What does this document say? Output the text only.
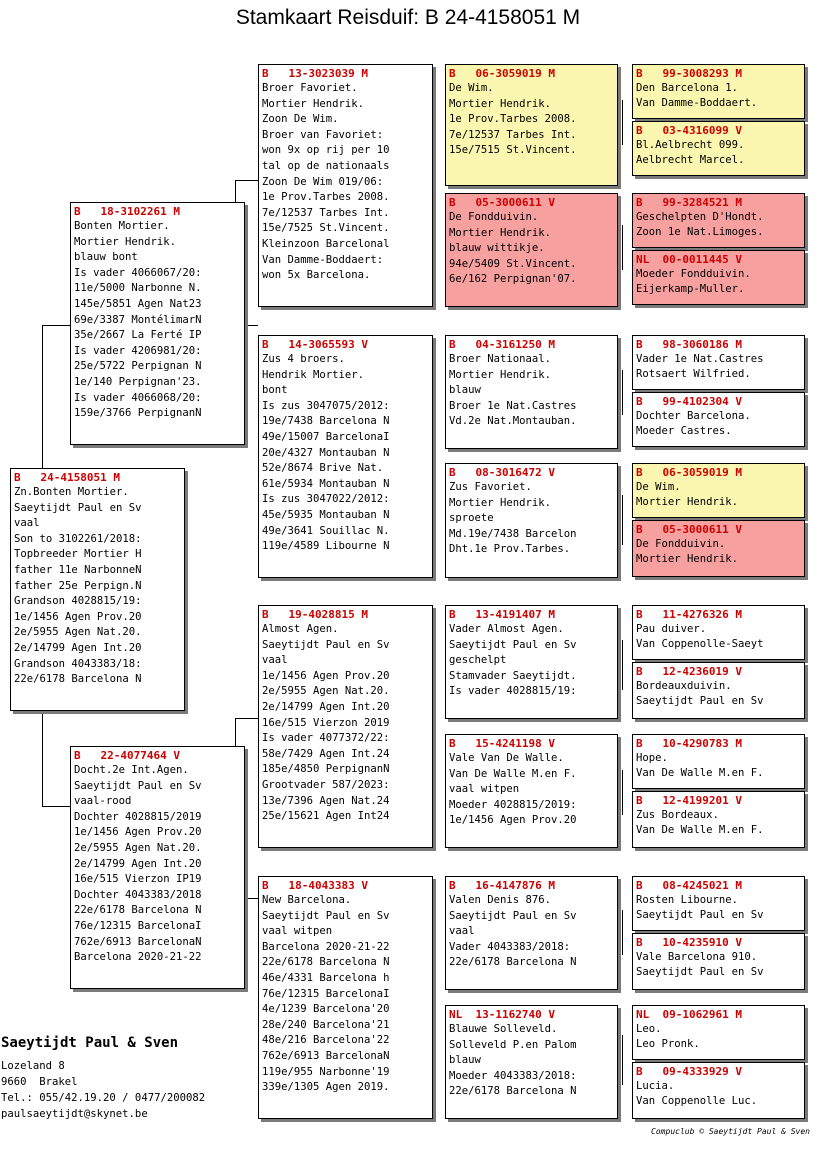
Stamkaart Reisduif: B 24-4158051 M
B   24-4158051 M
Zn.Bonten Mortier.
Saeytijdt Paul en Sv
vaal
Son to 3102261/2018:
Topbreeder Mortier H
father 11e NarbonneN
father 25e Perpign.N
Grandson 4028815/19:
1e/1456 Agen Prov.20
2e/5955 Agen Nat.20.
2e/14799 Agen Int.20
Grandson 4043383/18:
22e/6178 Barcelona N
B   18-3102261 M
Bonten Mortier.
Mortier Hendrik.
blauw bont
Is vader 4066067/20:
11e/5000 Narbonne N.
145e/5851 Agen Nat23
69e/3387 MontélimarN
35e/2667 La Ferté IP
Is vader 4206981/20:
25e/5722 Perpignan N
1e/140 Perpignan'23.
Is vader 4066068/20:
159e/3766 PerpignanN
B   22-4077464 V
Docht.2e Int.Agen.
Saeytijdt Paul en Sv
vaal-rood
Dochter 4028815/2019
1e/1456 Agen Prov.20
2e/5955 Agen Nat.20.
2e/14799 Agen Int.20
16e/515 Vierzon IP19
Dochter 4043383/2018
22e/6178 Barcelona N
76e/12315 BarcelonaI
762e/6913 BarcelonaN
Barcelona 2020-21-22
B   13-3023039 M
Broer Favoriet.
Mortier Hendrik.
Zoon De Wim.
Broer van Favoriet:
won 9x op rij per 10
tal op de nationaals
Zoon De Wim 019/06:
1e Prov.Tarbes 2008.
7e/12537 Tarbes Int.
15e/7525 St.Vincent.
Kleinzoon Barcelonal
Van Damme-Boddaert:
won 5x Barcelona.
B   14-3065593 V
Zus 4 broers.
Hendrik Mortier.
bont
Is zus 3047075/2012:
19e/7438 Barcelona N
49e/15007 BarcelonaI
20e/4327 Montauban N
52e/8674 Brive Nat.
61e/5934 Montauban N
Is zus 3047022/2012:
45e/5935 Montauban N
49e/3641 Souillac N.
119e/4589 Libourne N
B   19-4028815 M
Almost Agen.
Saeytijdt Paul en Sv
vaal
1e/1456 Agen Prov.20
2e/5955 Agen Nat.20.
2e/14799 Agen Int.20
16e/515 Vierzon 2019
Is vader 4077372/22:
58e/7429 Agen Int.24
185e/4850 PerpignanN
Grootvader 587/2023:
13e/7396 Agen Nat.24
25e/15621 Agen Int24
B   18-4043383 V
New Barcelona.
Saeytijdt Paul en Sv
vaal witpen
Barcelona 2020-21-22
22e/6178 Barcelona N
46e/4331 Barcelona h
76e/12315 BarcelonaI
4e/1239 Barcelona'20
28e/240 Barcelona'21
48e/216 Barcelona'22
762e/6913 BarcelonaN
119e/955 Narbonne'19
339e/1305 Agen 2019.
B   06-3059019 M
De Wim.
Mortier Hendrik.
1e Prov.Tarbes 2008.
7e/12537 Tarbes Int.
15e/7515 St.Vincent.
B   05-3000611 V
De Fondduivin.
Mortier Hendrik.
blauw wittikje.
94e/5409 St.Vincent.
6e/162 Perpignan'07.
B   04-3161250 M
Broer Nationaal.
Mortier Hendrik.
blauw
Broer 1e Nat.Castres
Vd.2e Nat.Montauban.
B   08-3016472 V
Zus Favoriet.
Mortier Hendrik.
sproete
Md.19e/7438 Barcelon
Dht.1e Prov.Tarbes.
B   13-4191407 M
Vader Almost Agen.
Saeytijdt Paul en Sv
geschelpt
Stamvader Saeytijdt.
Is vader 4028815/19:
B   15-4241198 V
Vale Van De Walle.
Van De Walle M.en F.
vaal witpen
Moeder 4028815/2019:
1e/1456 Agen Prov.20
B   16-4147876 M
Valen Denis 876.
Saeytijdt Paul en Sv
vaal
Vader 4043383/2018:
22e/6178 Barcelona N
NL  13-1162740 V
Blauwe Solleveld.
Solleveld P.en Palom
blauw
Moeder 4043383/2018:
22e/6178 Barcelona N
B   99-3008293 M
Den Barcelona 1.
Van Damme-Boddaert.
B   03-4316099 V
Bl.Aelbrecht 099.
Aelbrecht Marcel.
B   99-3284521 M
Geschelpten D'Hondt.
Zoon 1e Nat.Limoges.
NL  00-0011445 V
Moeder Fondduivin.
Eijerkamp-Muller.
B   98-3060186 M
Vader 1e Nat.Castres
Rotsaert Wilfried.
B   99-4102304 V
Dochter Barcelona.
Moeder Castres.
B   06-3059019 M
De Wim.
Mortier Hendrik.
B   05-3000611 V
De Fondduivin.
Mortier Hendrik.
B   11-4276326 M
Pau duiver.
Van Coppenolle-Saeyt
B   12-4236019 V
Bordeauxduivin.
Saeytijdt Paul en Sv
B   10-4290783 M
Hope.
Van De Walle M.en F.
B   12-4199201 V
Zus Bordeaux.
Van De Walle M.en F.
B   08-4245021 M
Rosten Libourne.
Saeytijdt Paul en Sv
B   10-4235910 V
Vale Barcelona 910.
Saeytijdt Paul en Sv
NL  09-1062961 M
Leo.
Leo Pronk.
B   09-4333929 V
Lucia.
Van Coppenolle Luc.
Saeytijdt Paul & Sven
Lozeland 8
9660  Brakel
Tel.: 055/42.19.20 / 0477/200082
paulsaeytijdt@skynet.be
Compuclub © Saeytijdt Paul & Sven
